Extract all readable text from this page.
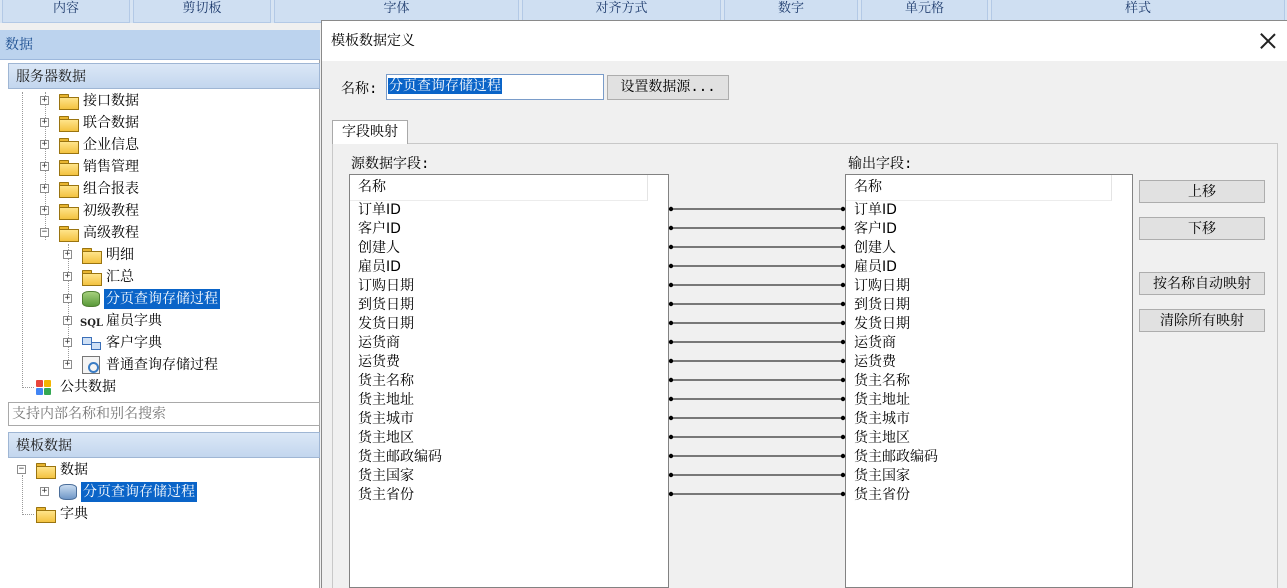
内容	剪切板	字体	对齐方式	数字	单元格	样式
数据
服务器数据
+	接口数据
+	联合数据
+	企业信息
+	销售管理
+	组合报表
+	初级教程
−	高级教程
+	明细
+	汇总
+	分页查询存储过程
+ SQL 雇员字典
+	客户字典
+	普通查询存储过程
公共数据
支持内部名称和别名搜索
模板数据
−	数据
+	分页查询存储过程
字典
模板数据定义
名称: 分页查询存储过程	设置数据源...
字段映射
源数据字段:	输出字段:
上移
下移
按名称自动映射
清除所有映射
名称
订单ID
客户ID
创建人
雇员ID
订购日期
到货日期
发货日期
运货商
运货费
货主名称
货主地址
货主城市
货主地区
货主邮政编码
货主国家
货主省份
名称
订单ID
客户ID
创建人
雇员ID
订购日期
到货日期
发货日期
运货商
运货费
货主名称
货主地址
货主城市
货主地区
货主邮政编码
货主国家
货主省份
